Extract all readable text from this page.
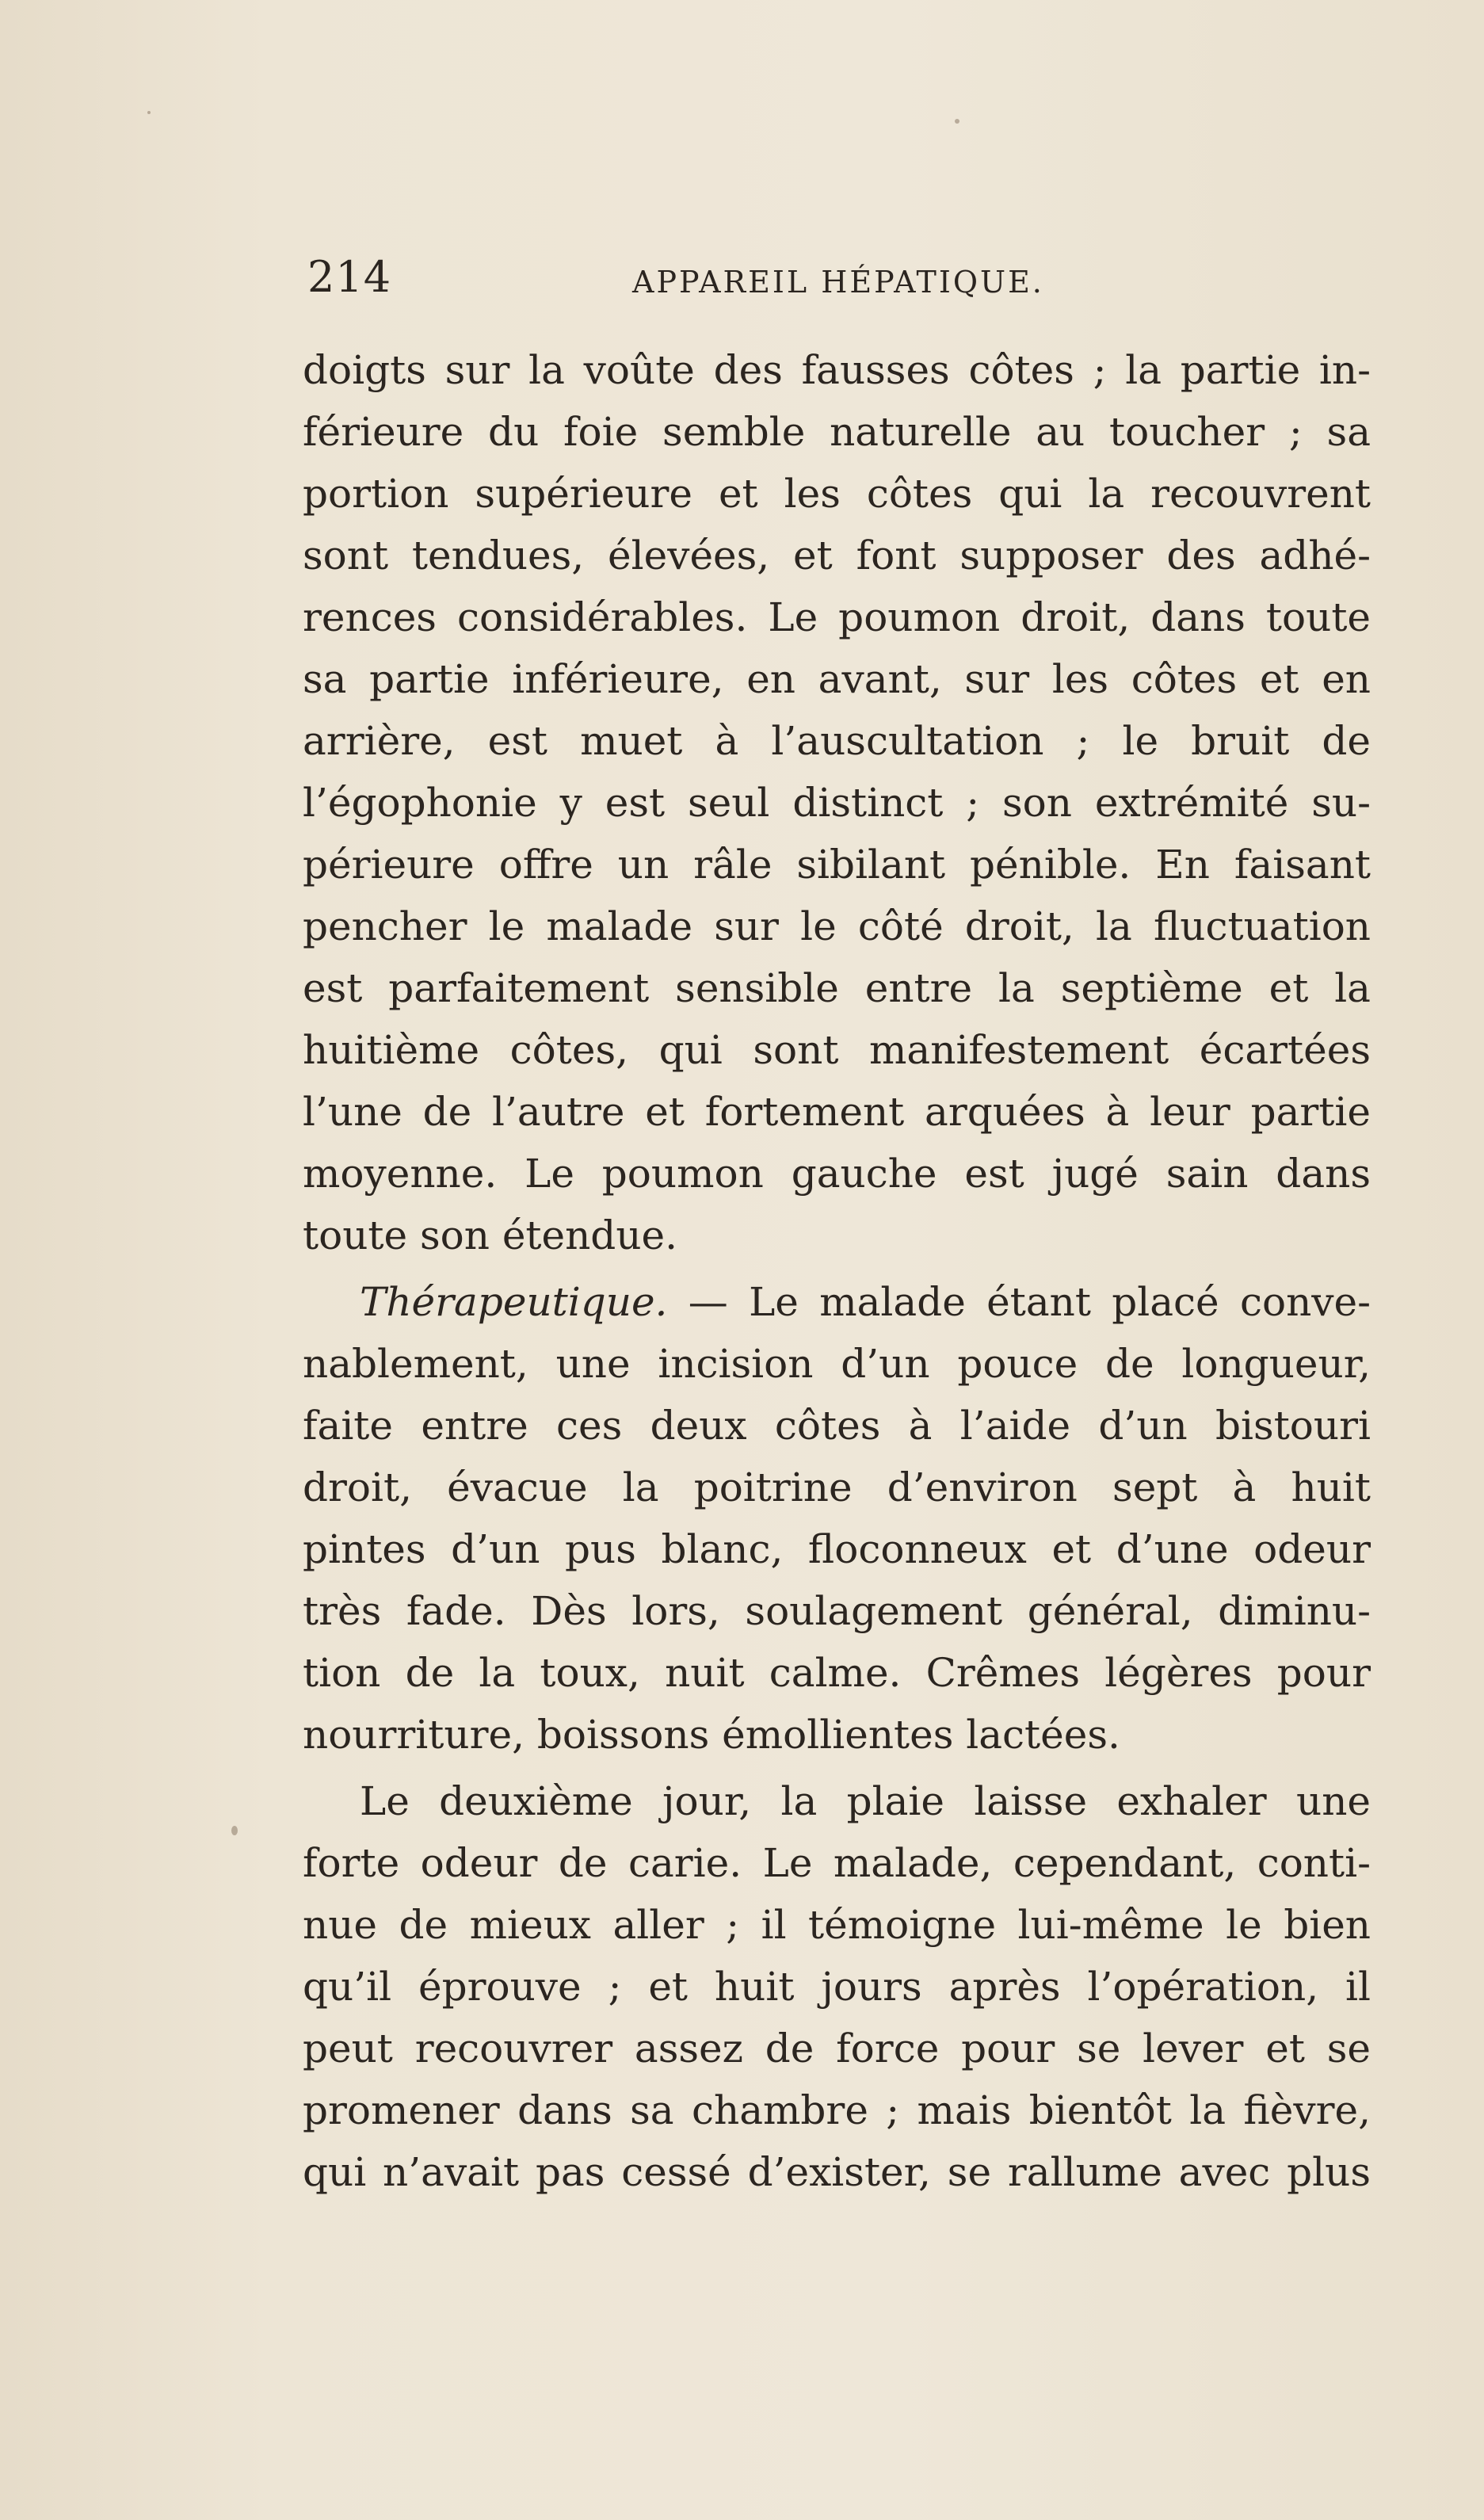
214	APPAREIL HÉPATIQUE.
doigts sur la voûte des fausses côtes ; la partie in-
férieure du foie semble naturelle au toucher ; sa
portion supérieure et les côtes qui la recouvrent
sont tendues, élevées, et font supposer des adhé-
rences considérables. Le poumon droit, dans toute
sa partie inférieure, en avant, sur les côtes et en
arrière, est muet à l’auscultation ; le bruit de
l’égophonie y est seul distinct ; son extrémité su-
périeure offre un râle sibilant pénible. En faisant
pencher le malade sur le côté droit, la fluctuation
est parfaitement sensible entre la septième et la
huitième côtes, qui sont manifestement écartées
l’une de l’autre et fortement arquées à leur partie
moyenne. Le poumon gauche est jugé sain dans
toute son étendue.
Thérapeutique. — Le malade étant placé conve-
nablement, une incision d’un pouce de longueur,
faite entre ces deux côtes à l’aide d’un bistouri
droit, évacue la poitrine d’environ sept à huit
pintes d’un pus blanc, floconneux et d’une odeur
très fade. Dès lors, soulagement général, diminu-
tion de la toux, nuit calme. Crêmes légères pour
nourriture, boissons émollientes lactées.
Le deuxième jour, la plaie laisse exhaler une
forte odeur de carie. Le malade, cependant, conti-
nue de mieux aller ; il témoigne lui-même le bien
qu’il éprouve ; et huit jours après l’opération, il
peut recouvrer assez de force pour se lever et se
promener dans sa chambre ; mais bientôt la fièvre,
qui n’avait pas cessé d’exister, se rallume avec plus
